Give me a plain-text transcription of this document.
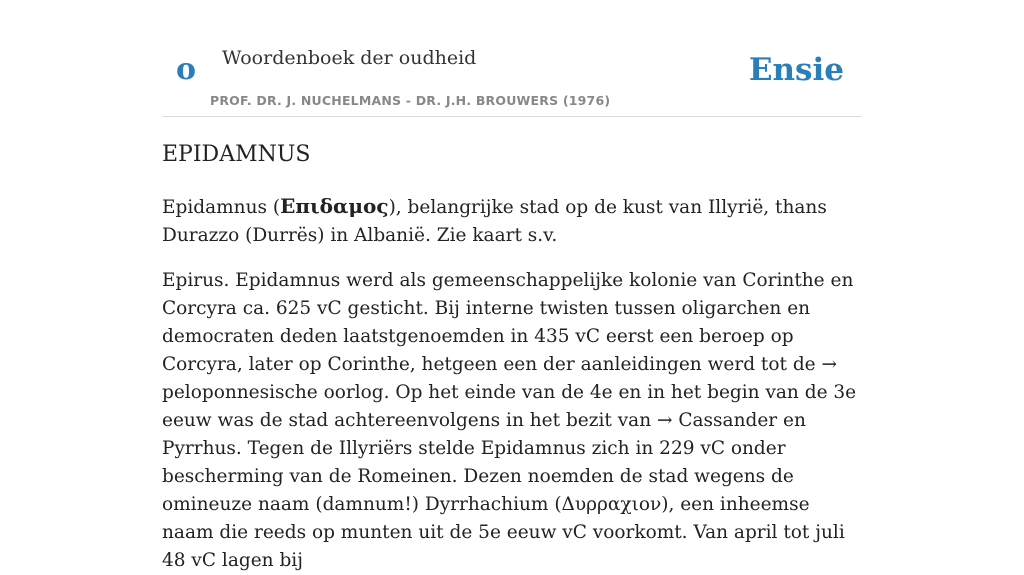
o Woordenboek der oudheid
PROF. DR. J. NUCHELMANS - DR. J.H. BROUWERS (1976)
Ensie
EPIDAMNUS

Epidamnus (Επιδαμος), belangrijke stad op de kust van Illyrië, thans Durazzo (Durrës) in Albanië. Zie kaart s.v.

Epirus. Epidamnus werd als gemeenschappelijke kolonie van Corinthe en Corcyra ca. 625 vC gesticht. Bij interne twisten tussen oligarchen en democraten deden laatstgenoemden in 435 vC eerst een beroep op Corcyra, later op Corinthe, hetgeen een der aanleidingen werd tot de → peloponnesische oorlog. Op het einde van de 4e en in het begin van de 3e eeuw was de stad achtereenvolgens in het bezit van → Cassander en Pyrrhus. Tegen de Illyriërs stelde Epidamnus zich in 229 vC onder bescherming van de Romeinen. Dezen noemden de stad wegens de omineuze naam (damnum!) Dyrrhachium (Δυρραχιον), een inheemse naam die reeds op munten uit de 5e eeuw vC voorkomt. Van april tot juli 48 vC lagen bij
